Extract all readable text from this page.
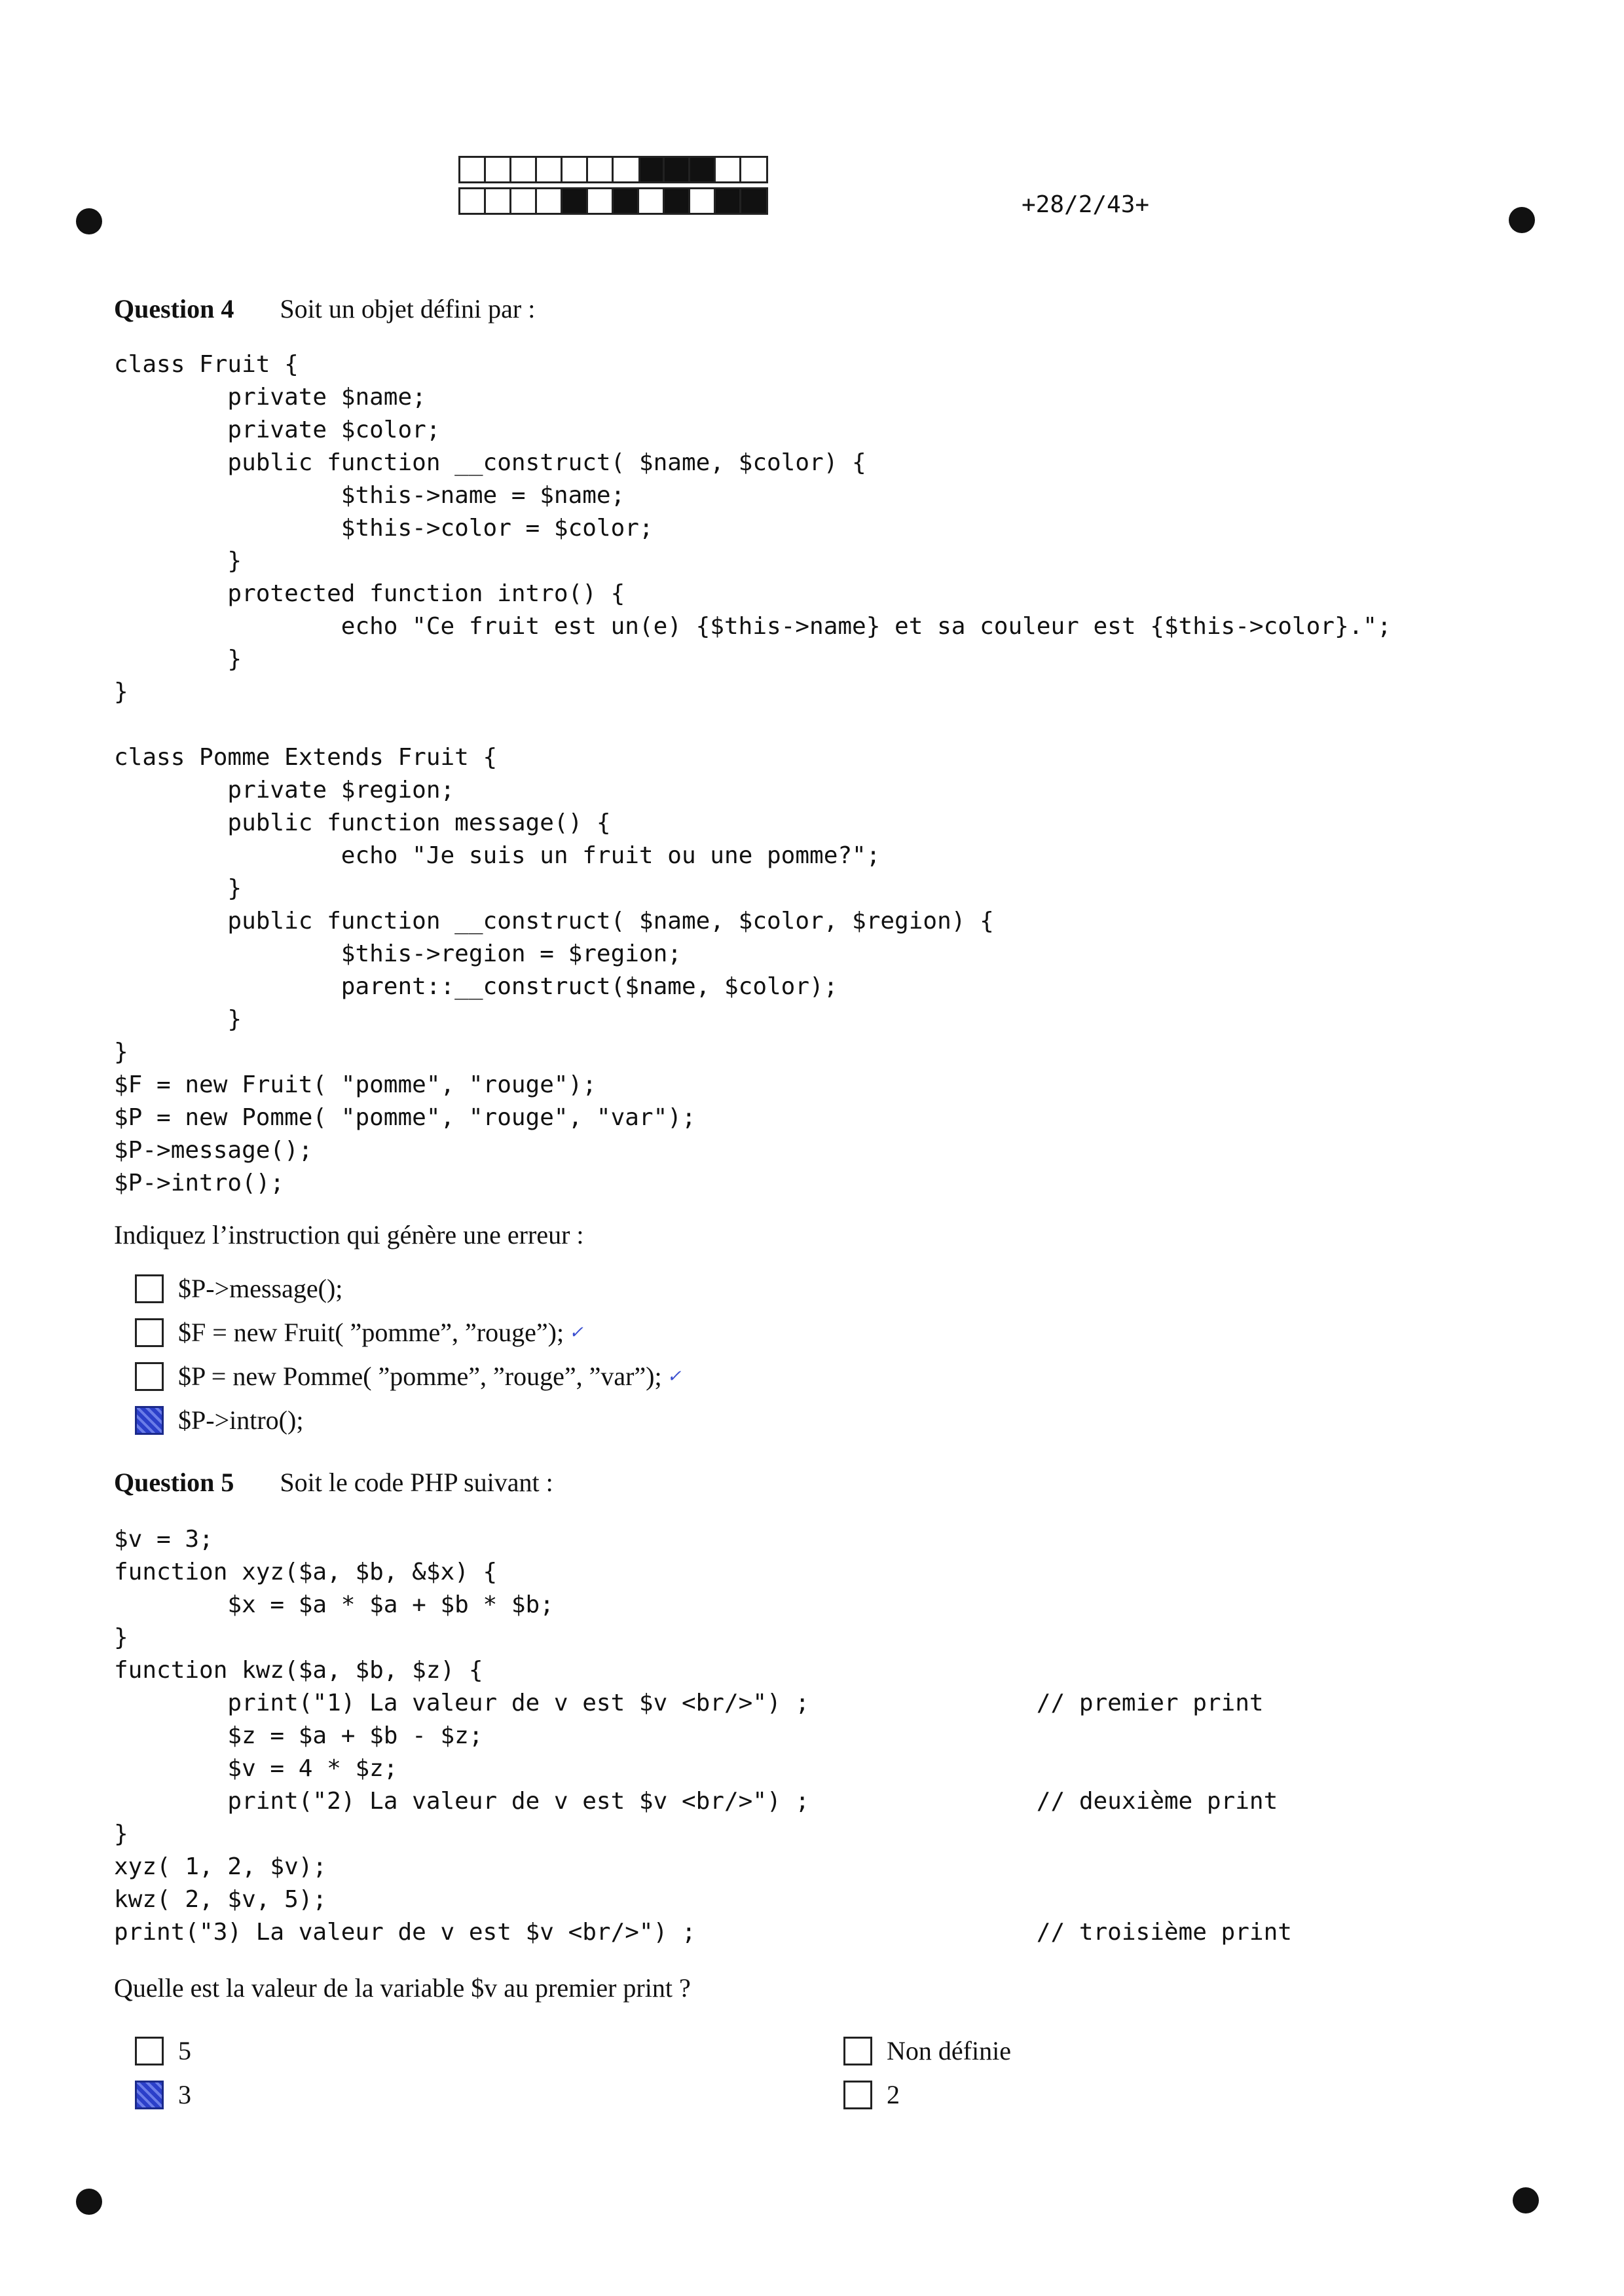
+28/2/43+
Question 4 Soit un objet défini par :
class Fruit {
private $name;
private $color;
public function __construct( $name, $color) {
$this->name = $name;
$this->color = $color;
}
protected function intro() {
echo "Ce fruit est un(e) {$this->name} et sa couleur est {$this->color}.";
}
}

class Pomme Extends Fruit {
private $region;
public function message() {
echo "Je suis un fruit ou une pomme?";
}
public function __construct( $name, $color, $region) {
$this->region = $region;
parent::__construct($name, $color);
}
}
$F = new Fruit( "pomme", "rouge");
$P = new Pomme( "pomme", "rouge", "var");
$P->message();
$P->intro();
Indiquez l’instruction qui génère une erreur :
$P->message();
$F = new Fruit( ”pomme”, ”rouge”); ✓
$P = new Pomme( ”pomme”, ”rouge”, ”var”); ✓
$P->intro();
Question 5 Soit le code PHP suivant :
$v = 3;
function xyz($a, $b, &$x) {
$x = $a * $a + $b * $b;
}
function kwz($a, $b, $z) {
print("1) La valeur de v est $v <br/>") ;                // premier print
$z = $a + $b - $z;
$v = 4 * $z;
print("2) La valeur de v est $v <br/>") ;                // deuxième print
}
xyz( 1, 2, $v);
kwz( 2, $v, 5);
print("3) La valeur de v est $v <br/>") ;                        // troisième print
Quelle est la valeur de la variable $v au premier print ?
5
3
Non définie
2
